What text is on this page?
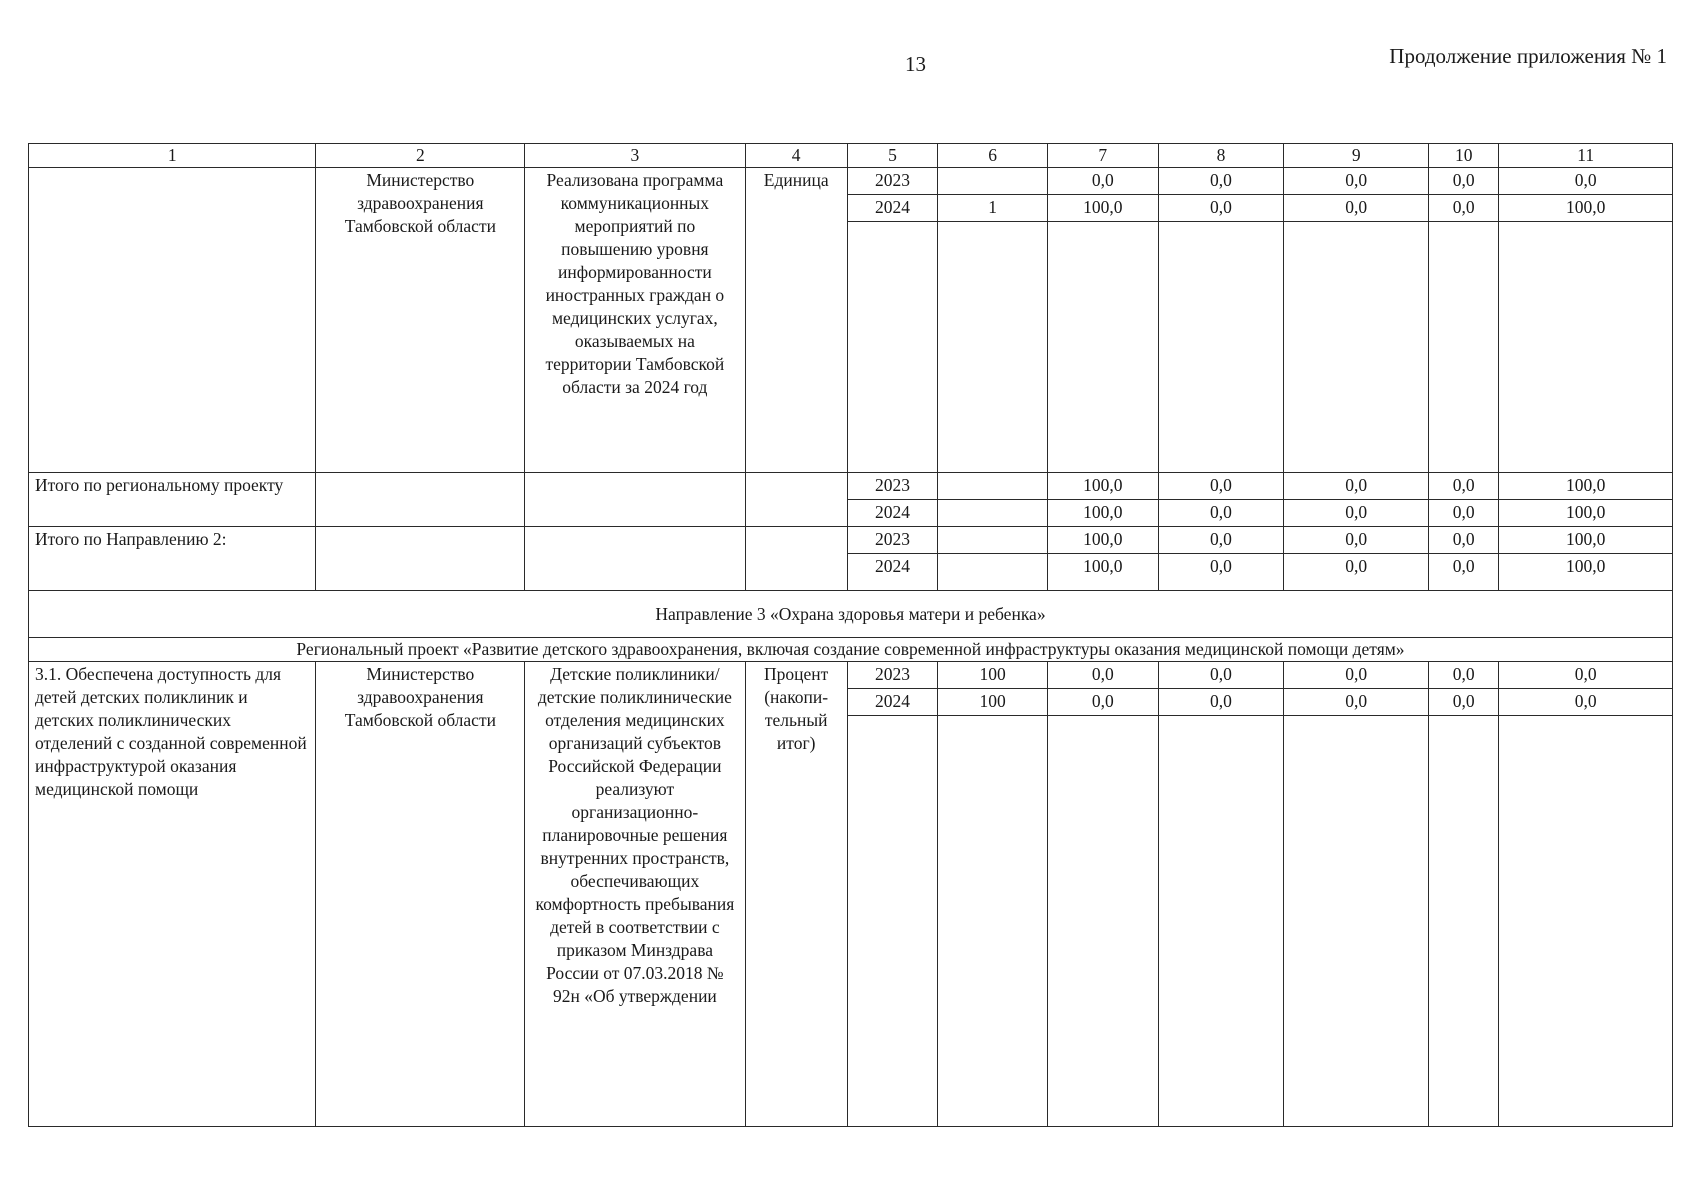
13	Продолжение приложения № 1
1	2	3	4	5	6	7	8	9	10	11
	Министерство здравоохранения Тамбовской области	Реализована программа коммуникационных мероприятий по повышению уровня информированности иностранных граждан о медицинских услугах, оказываемых на территории Тамбовской области за 2024 год	Единица	2023		0,0	0,0	0,0	0,0	0,0
				2024	1	100,0	0,0	0,0	0,0	100,0

Итого по региональному проекту				2023		100,0	0,0	0,0	0,0	100,0
				2024		100,0	0,0	0,0	0,0	100,0
Итого по Направлению 2:				2023		100,0	0,0	0,0	0,0	100,0
				2024		100,0	0,0	0,0	0,0	100,0
Направление 3 «Охрана здоровья матери и ребенка»										
Региональный проект «Развитие детского здравоохранения, включая создание современной инфраструктуры оказания медицинской помощи детям»										
3.1. Обеспечена доступность для детей детских поликлиник и детских поликлинических отделений с созданной современной инфраструктурой оказания медицинской помощи	Министерство здравоохранения Тамбовской области	Детские поликлиники/детские поликлинические отделения медицинских организаций субъектов Российской Федерации реализуют организационно-планировочные решения внутренних пространств, обеспечивающих комфортность пребывания детей в соответствии с приказом Минздрава России от 07.03.2018 № 92н «Об утверждении	Процент (накопи-тельный итог)	2023	100	0,0	0,0	0,0	0,0	0,0
				2024	100	0,0	0,0	0,0	0,0	0,0
